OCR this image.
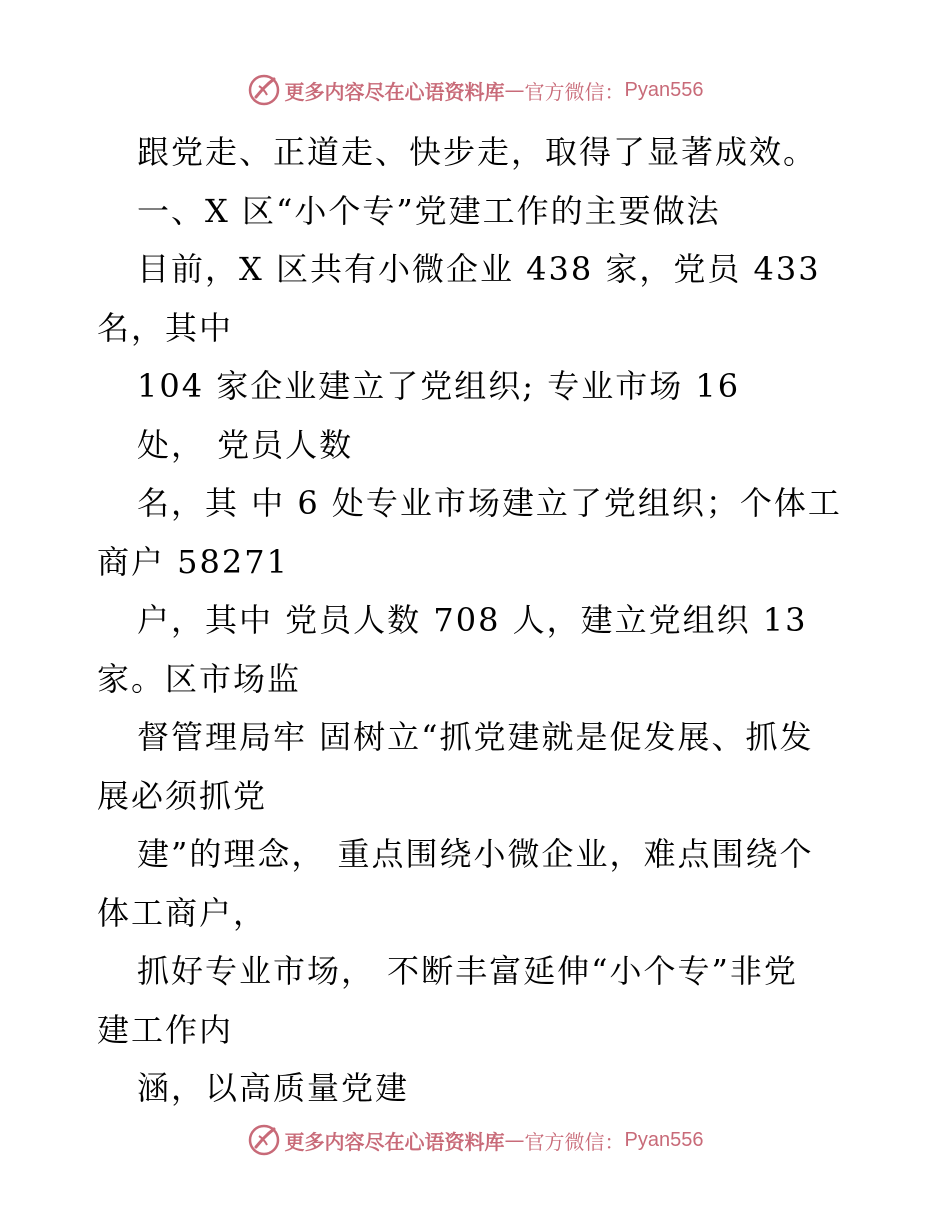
更多内容尽在心语资料库 — 官方微信： Pyan556
跟党走、正道走、快步走，取得了显著成效。
一、X 区“小个专”党建工作的主要做法
目前，X 区共有小微企业 438 家，党员 433
名，其中
104 家企业建立了党组织; 专业市场 16
处， 党员人数
名，其 中 6 处专业市场建立了党组织；个体工
商户 58271
户，其中 党员人数 708 人，建立党组织 13
家。区市场监
督管理局牢 固树立“抓党建就是促发展、抓发
展必须抓党
建”的理念， 重点围绕小微企业，难点围绕个
体工商户，
抓好专业市场， 不断丰富延伸“小个专”非党
建工作内
涵，以高质量党建
更多内容尽在心语资料库 — 官方微信： Pyan556
